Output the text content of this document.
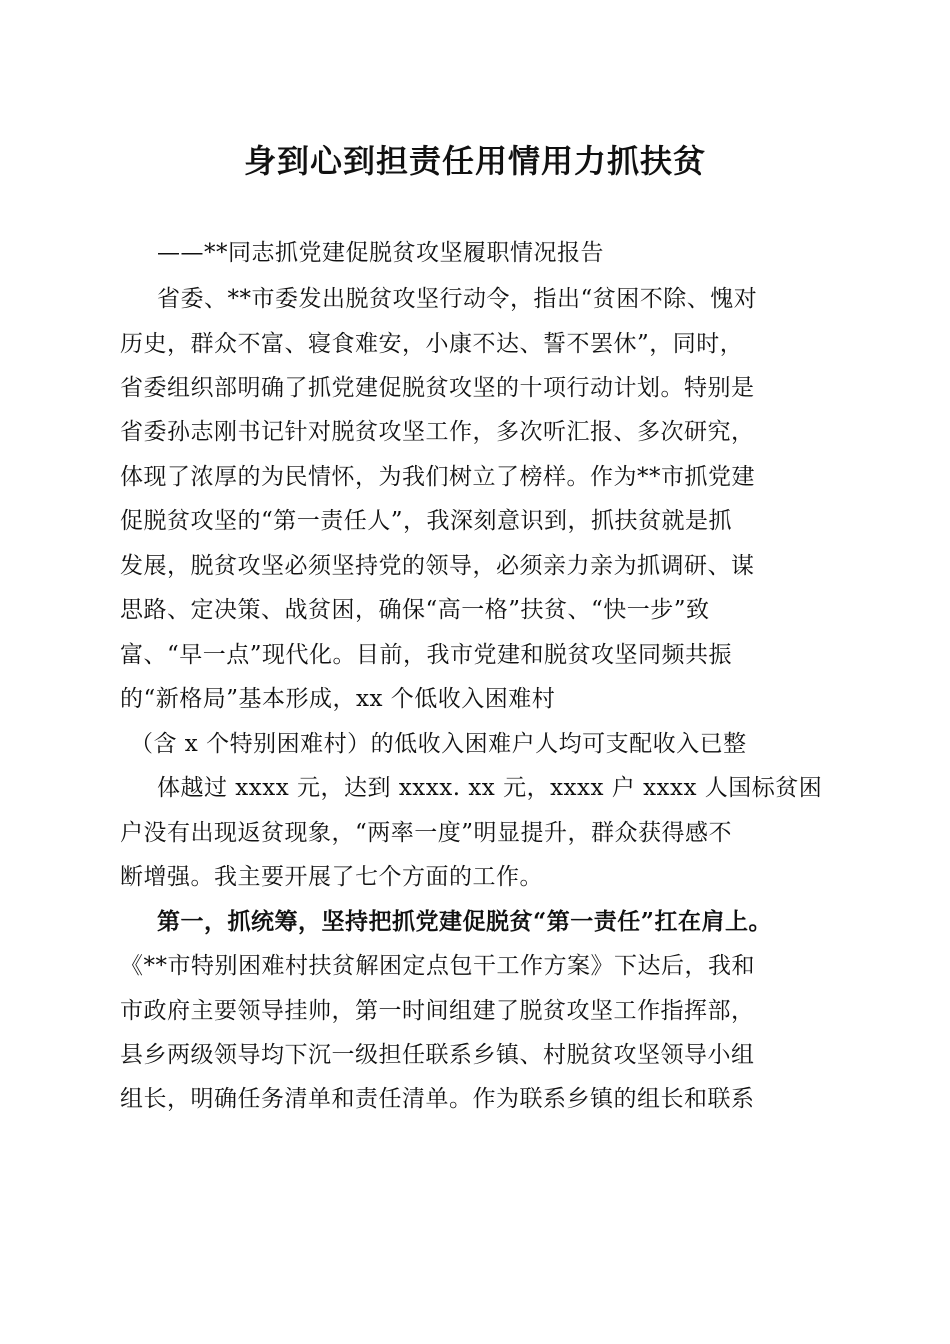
身到心到担责任用情用力抓扶贫
——**同志抓党建促脱贫攻坚履职情况报告
省委、**市委发出脱贫攻坚行动令，指出“贫困不除、愧对
历史，群众不富、寝食难安，小康不达、誓不罢休”，同时，
省委组织部明确了抓党建促脱贫攻坚的十项行动计划。特别是
省委孙志刚书记针对脱贫攻坚工作，多次听汇报、多次研究，
体现了浓厚的为民情怀，为我们树立了榜样。作为**市抓党建
促脱贫攻坚的“第一责任人”，我深刻意识到，抓扶贫就是抓
发展，脱贫攻坚必须坚持党的领导，必须亲力亲为抓调研、谋
思路、定决策、战贫困，确保“高一格”扶贫、“快一步”致
富、“早一点”现代化。目前，我市党建和脱贫攻坚同频共振
的“新格局”基本形成，xx 个低收入困难村
（含 x 个特别困难村）的低收入困难户人均可支配收入已整
体越过 xxxx 元，达到 xxxx. xx 元，xxxx 户 xxxx 人国标贫困
户没有出现返贫现象，“两率一度”明显提升，群众获得感不
断增强。我主要开展了七个方面的工作。
第一，抓统筹，坚持把抓党建促脱贫“第一责任”扛在肩上。
《**市特别困难村扶贫解困定点包干工作方案》下达后，我和
市政府主要领导挂帅，第一时间组建了脱贫攻坚工作指挥部，
县乡两级领导均下沉一级担任联系乡镇、村脱贫攻坚领导小组
组长，明确任务清单和责任清单。作为联系乡镇的组长和联系
